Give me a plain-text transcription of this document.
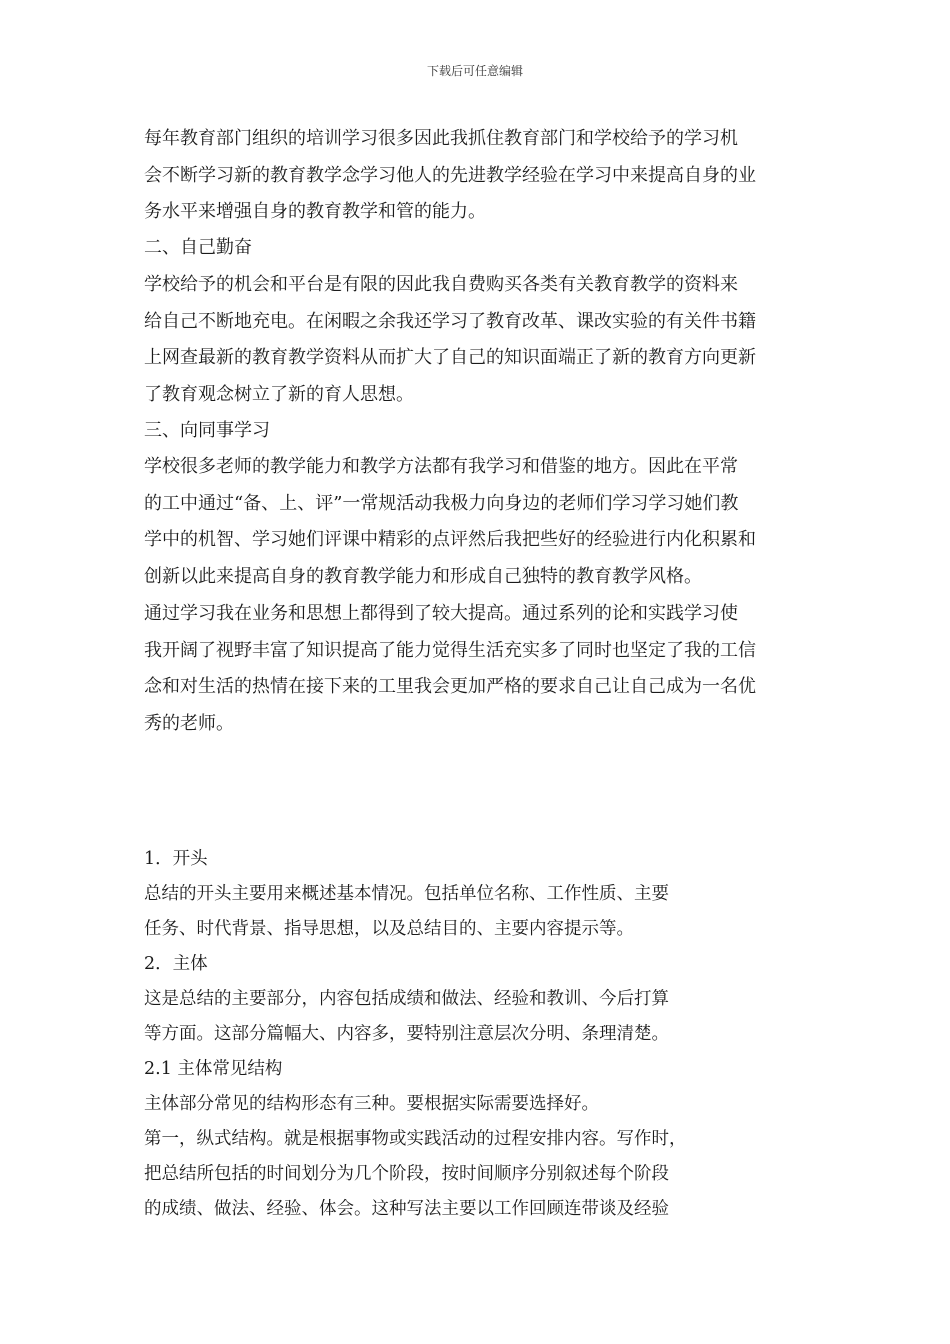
下载后可任意编辑
每年教育部门组织的培训学习很多因此我抓住教育部门和学校给予的学习机
会不断学习新的教育教学念学习他人的先进教学经验在学习中来提高自身的业
务水平来增强自身的教育教学和管的能力。
二、自己勤奋
学校给予的机会和平台是有限的因此我自费购买各类有关教育教学的资料来
给自己不断地充电。在闲暇之余我还学习了教育改革、课改实验的有关件书籍
上网查最新的教育教学资料从而扩大了自己的知识面端正了新的教育方向更新
了教育观念树立了新的育人思想。
三、向同事学习
学校很多老师的教学能力和教学方法都有我学习和借鉴的地方。因此在平常
的工中通过“备、上、评”一常规活动我极力向身边的老师们学习学习她们教
学中的机智、学习她们评课中精彩的点评然后我把些好的经验进行内化积累和
创新以此来提高自身的教育教学能力和形成自己独特的教育教学风格。
通过学习我在业务和思想上都得到了较大提高。通过系列的论和实践学习使
我开阔了视野丰富了知识提高了能力觉得生活充实多了同时也坚定了我的工信
念和对生活的热情在接下来的工里我会更加严格的要求自己让自己成为一名优
秀的老师。
1．开头
总结的开头主要用来概述基本情况。包括单位名称、工作性质、主要
任务、时代背景、指导思想，以及总结目的、主要内容提示等。
2．主体
这是总结的主要部分，内容包括成绩和做法、经验和教训、今后打算
等方面。这部分篇幅大、内容多，要特别注意层次分明、条理清楚。
2.1 主体常见结构
主体部分常见的结构形态有三种。要根据实际需要选择好。
第一，纵式结构。就是根据事物或实践活动的过程安排内容。写作时，
把总结所包括的时间划分为几个阶段，按时间顺序分别叙述每个阶段
的成绩、做法、经验、体会。这种写法主要以工作回顾连带谈及经验
